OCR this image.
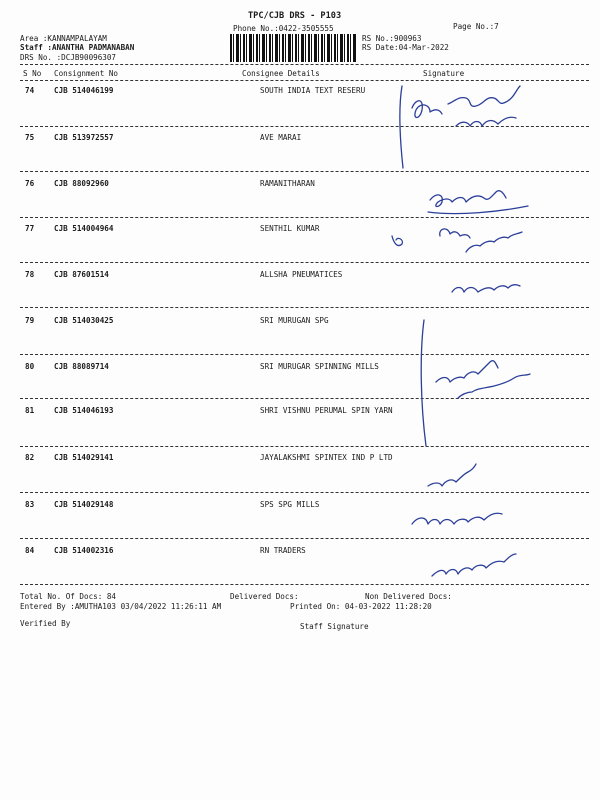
TPC/CJB DRS - P103
Phone No.:0422-3505555	Page No.:7
Area :KANNAMPALAYAM
Staff :ANANTHA PADMANABAN
DRS No. :DCJB90096307
RS No.:900963
RS Date:04-Mar-2022
S No Consignment No	Consignee Details	Signature
74	CJB 514046199	SOUTH INDIA TEXT RESERU
75	CJB 513972557	AVE MARAI
76	CJB 88092960	RAMANITHARAN
77	CJB 514004964	SENTHIL KUMAR
78	CJB 87601514	ALLSHA PNEUMATICES
79	CJB 514030425	SRI MURUGAN SPG
80	CJB 88089714	SRI MURUGAR SPINNING MILLS
81	CJB 514046193	SHRI VISHNU PERUMAL SPIN YARN
82	CJB 514029141	JAYALAKSHMI SPINTEX IND P LTD
83	CJB 514029148	SPS SPG MILLS
84	CJB 514002316	RN TRADERS
Total No. Of Docs: 84	Delivered Docs:	Non Delivered Docs:
Entered By :AMUTHA103 03/04/2022 11:26:11 AM	Printed On: 04-03-2022 11:28:20
Verified By	Staff Signature
